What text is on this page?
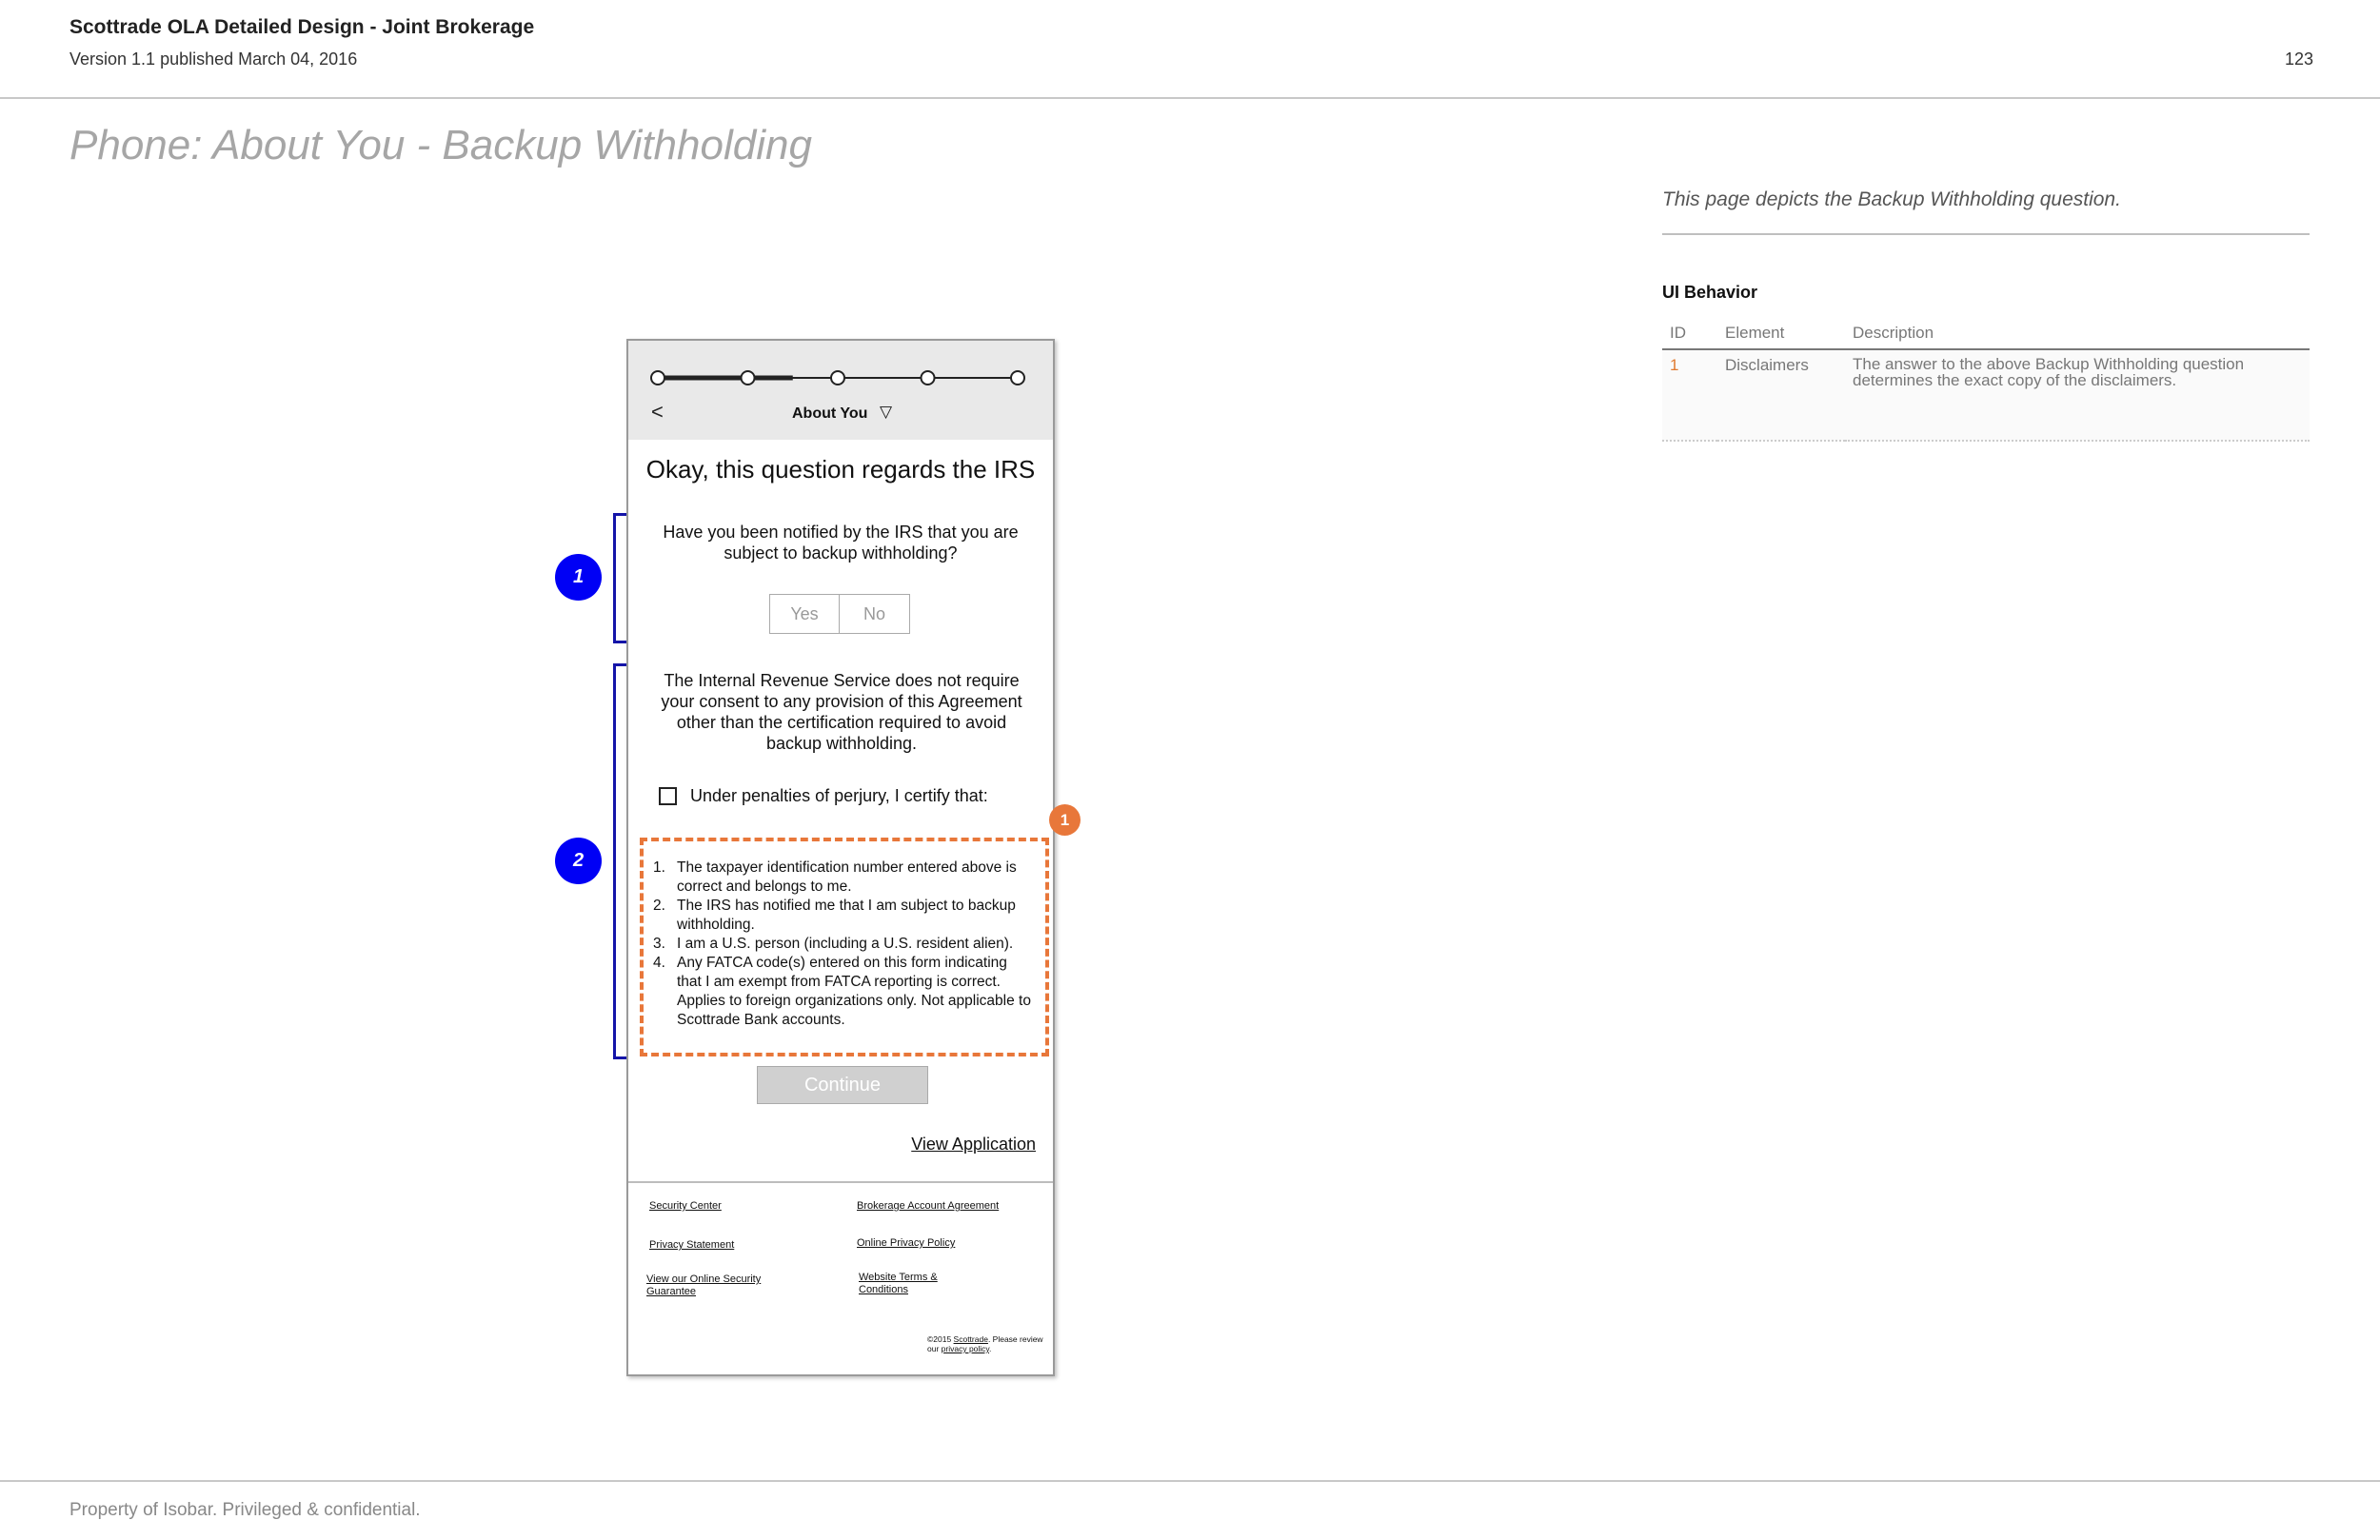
Scottrade OLA Detailed Design - Joint Brokerage
Version 1.1 published March 04, 2016	123
Phone: About You - Backup Withholding
This page depicts the Backup Withholding question.
UI Behavior
ID	Element	Description
1	Disclaimers	The answer to the above Backup Withholding question determines the exact copy of the disclaimers.
1
2
<	About You ▽
Okay, this question regards the IRS
Have you been notified by the IRS that you are subject to backup withholding?
Yes	No
The Internal Revenue Service does not require your consent to any provision of this Agreement other than the certification required to avoid backup withholding.
Under penalties of perjury, I certify that:
1. The taxpayer identification number entered above is correct and belongs to me.
2. The IRS has notified me that I am subject to backup withholding.
3. I am a U.S. person (including a U.S. resident alien).
4. Any FATCA code(s) entered on this form indicating that I am exempt from FATCA reporting is correct. Applies to foreign organizations only. Not applicable to Scottrade Bank accounts.
Continue
View Application
Security Center	Brokerage Account Agreement
Privacy Statement	Online Privacy Policy
View our Online Security Guarantee
Website Terms & Conditions
©2015 Scottrade. Please review our privacy policy.
1
Property of Isobar. Privileged & confidential.
